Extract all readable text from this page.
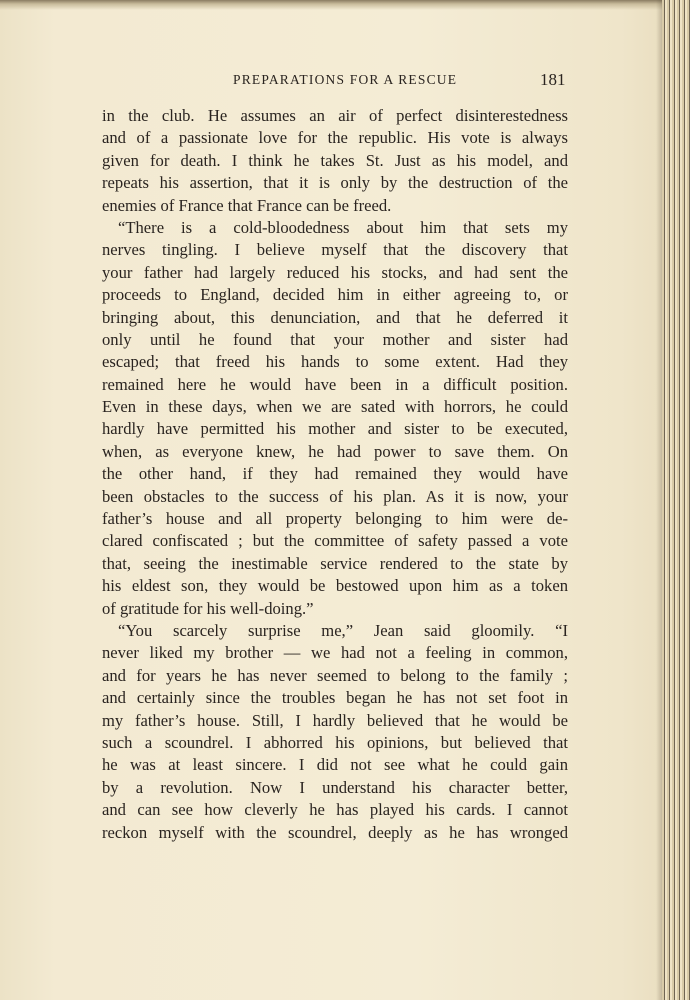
PREPARATIONS FOR A RESCUE	181
in the club. He assumes an air of perfect disinterestedness
and of a passionate love for the republic. His vote is always
given for death. I think he takes St. Just as his model, and
repeats his assertion, that it is only by the destruction of the
enemies of France that France can be freed.
“There is a cold-bloodedness about him that sets my
nerves tingling. I believe myself that the discovery that
your father had largely reduced his stocks, and had sent the
proceeds to England, decided him in either agreeing to, or
bringing about, this denunciation, and that he deferred it
only until he found that your mother and sister had
escaped; that freed his hands to some extent. Had they
remained here he would have been in a difficult position.
Even in these days, when we are sated with horrors, he could
hardly have permitted his mother and sister to be executed,
when, as everyone knew, he had power to save them. On
the other hand, if they had remained they would have
been obstacles to the success of his plan. As it is now, your
father’s house and all property belonging to him were de-
clared confiscated ; but the committee of safety passed a vote
that, seeing the inestimable service rendered to the state by
his eldest son, they would be bestowed upon him as a token
of gratitude for his well-doing.”
“You scarcely surprise me,” Jean said gloomily. “I
never liked my brother — we had not a feeling in common,
and for years he has never seemed to belong to the family ;
and certainly since the troubles began he has not set foot in
my father’s house. Still, I hardly believed that he would be
such a scoundrel. I abhorred his opinions, but believed that
he was at least sincere. I did not see what he could gain
by a revolution. Now I understand his character better,
and can see how cleverly he has played his cards. I cannot
reckon myself with the scoundrel, deeply as he has wronged
